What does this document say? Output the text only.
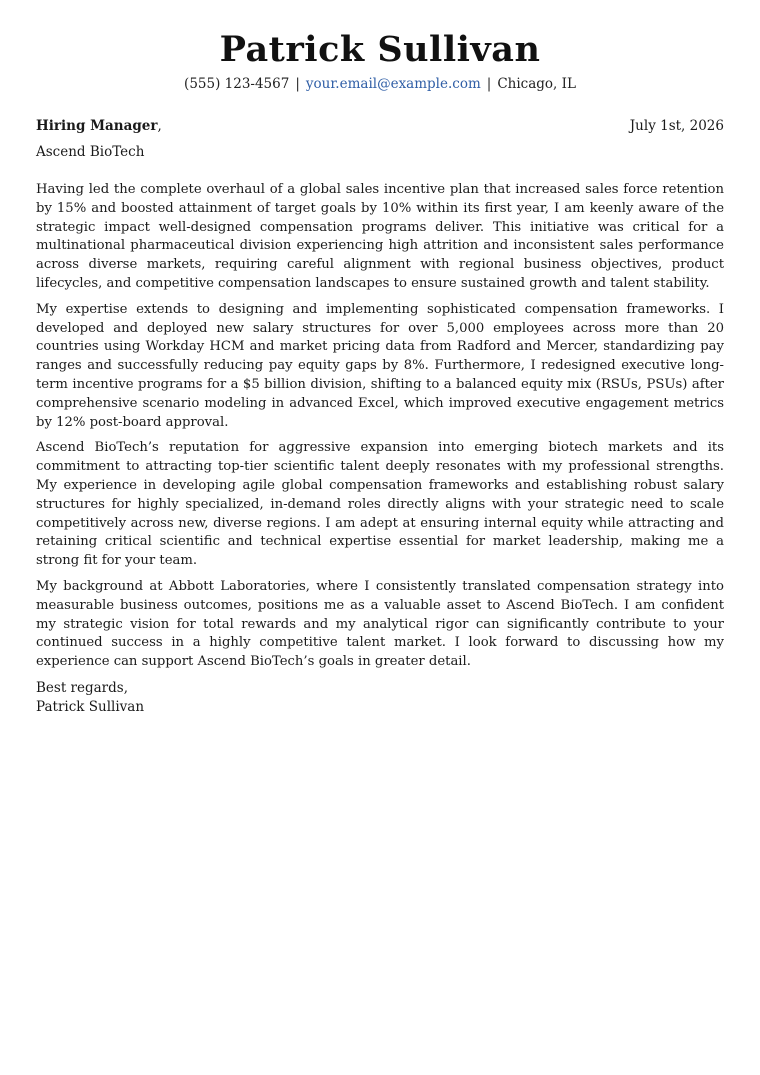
Patrick Sullivan
(555) 123-4567 | your.email@example.com | Chicago, IL
Hiring Manager,	July 1st, 2026
Ascend BioTech

Having led the complete overhaul of a global sales incentive plan that increased sales force retention by 15% and boosted attainment of target goals by 10% within its first year, I am keenly aware of the strategic impact well-designed compensation programs deliver. This initiative was critical for a multinational pharmaceutical division experiencing high attrition and inconsistent sales performance across diverse markets, requiring careful alignment with regional business objectives, product lifecycles, and competitive compensation landscapes to ensure sustained growth and talent stability.

My expertise extends to designing and implementing sophisticated compensation frameworks. I developed and deployed new salary structures for over 5,000 employees across more than 20 countries using Workday HCM and market pricing data from Radford and Mercer, standardizing pay ranges and successfully reducing pay equity gaps by 8%. Furthermore, I redesigned executive long-term incentive programs for a $5 billion division, shifting to a balanced equity mix (RSUs, PSUs) after comprehensive scenario modeling in advanced Excel, which improved executive engagement metrics by 12% post-board approval.

Ascend BioTech’s reputation for aggressive expansion into emerging biotech markets and its commitment to attracting top-tier scientific talent deeply resonates with my professional strengths. My experience in developing agile global compensation frameworks and establishing robust salary structures for highly specialized, in-demand roles directly aligns with your strategic need to scale competitively across new, diverse regions. I am adept at ensuring internal equity while attracting and retaining critical scientific and technical expertise essential for market leadership, making me a strong fit for your team.

My background at Abbott Laboratories, where I consistently translated compensation strategy into measurable business outcomes, positions me as a valuable asset to Ascend BioTech. I am confident my strategic vision for total rewards and my analytical rigor can significantly contribute to your continued success in a highly competitive talent market. I look forward to discussing how my experience can support Ascend BioTech’s goals in greater detail.

Best regards,
Patrick Sullivan
